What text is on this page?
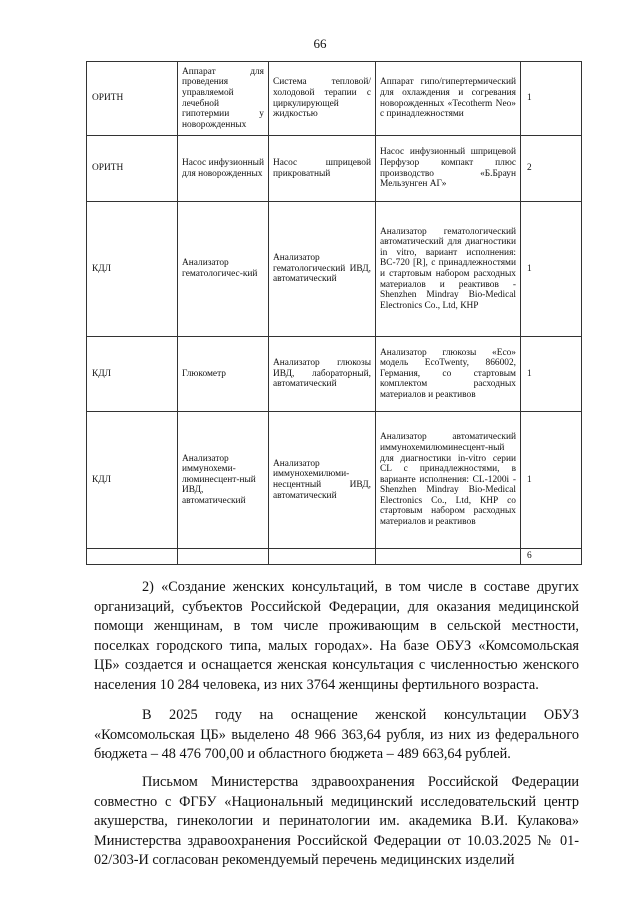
66
ОРИТН	Аппарат для проведения управляемой лечебной гипотермии у новорожденных	Система тепловой/холодовой терапии с циркулирующей жидкостью	Аппарат гипо/гипертермический для охлаждения и согревания новорожденных «Tecotherm Neo» с принадлежностями	1
ОРИТН	Насос инфузионный для новорожденных	Насос шприцевой прикроватный	Насос инфузионный шприцевой Перфузор компакт плюс производство «Б.Браун Мельзунген АГ»	2
КДЛ	Анализатор гематологичес-кий	Анализатор гематологический ИВД, автоматический	Анализатор гематологический автоматический для диагностики in vitro, вариант исполнения: ВС-720 [R], с принадлежностями и стартовым набором расходных материалов и реактивов - Shenzhen Mindray Bio-Medical Electronics Co., Ltd, КНР	1
КДЛ	Глюкометр	Анализатор глюкозы ИВД, лабораторный, автоматический	Анализатор глюкозы «Eco» модель EcoTwenty, 866002, Германия, со стартовым комплектом расходных материалов и реактивов	1
КДЛ	Анализатор иммунохеми-люминесцент-ный ИВД, автоматический	Анализатор иммунохемилюми-несцентный ИВД, автоматический	Анализатор автоматический иммунохемилюминесцент-ный для диагностики in-vitro серии CL с принадлежностями, в варианте исполнения: CL-1200i - Shenzhen Mindray Bio-Medical Electronics Co., Ltd, КНР со стартовым набором расходных материалов и реактивов	1
				6

2) «Создание женских консультаций, в том числе в составе других организаций, субъектов Российской Федерации, для оказания медицинской помощи женщинам, в том числе проживающим в сельской местности, поселках городского типа, малых городах». На базе ОБУЗ «Комсомольская ЦБ» создается и оснащается женская консультация с численностью женского населения 10 284 человека, из них 3764 женщины фертильного возраста.

В 2025 году на оснащение женской консультации ОБУЗ «Комсомольская ЦБ» выделено 48 966 363,64 рубля, из них из федерального бюджета – 48 476 700,00 и областного бюджета – 489 663,64 рублей.

Письмом Министерства здравоохранения Российской Федерации совместно с ФГБУ «Национальный медицинский исследовательский центр акушерства, гинекологии и перинатологии им. академика В.И. Кулакова» Министерства здравоохранения Российской Федерации от 10.03.2025 № 01-02/303-И согласован рекомендуемый перечень медицинских изделий
